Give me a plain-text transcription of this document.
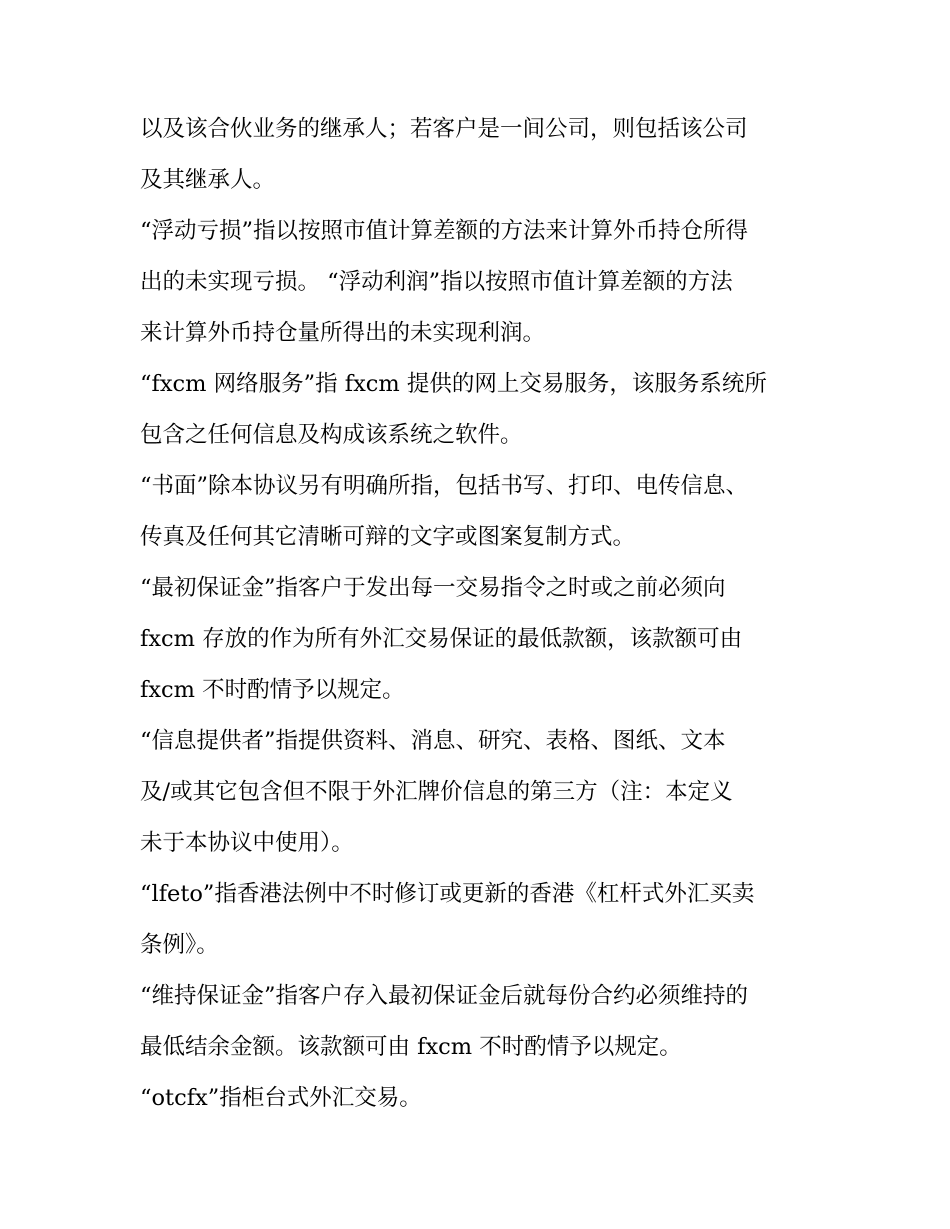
以及该合伙业务的继承人；若客户是一间公司，则包括该公司
及其继承人。
“浮动亏损”指以按照市值计算差额的方法来计算外币持仓所得
出的未实现亏损。 “浮动利润”指以按照市值计算差额的方法
来计算外币持仓量所得出的未实现利润。
“fxcm 网络服务”指 fxcm 提供的网上交易服务，该服务系统所
包含之任何信息及构成该系统之软件。
“书面”除本协议另有明确所指，包括书写、打印、电传信息、
传真及任何其它清晰可辩的文字或图案复制方式。
“最初保证金”指客户于发出每一交易指令之时或之前必须向
fxcm 存放的作为所有外汇交易保证的最低款额，该款额可由
fxcm 不时酌情予以规定。
“信息提供者”指提供资料、消息、研究、表格、图纸、文本
及/或其它包含但不限于外汇牌价信息的第三方（注：本定义
未于本协议中使用）。
“lfeto”指香港法例中不时修订或更新的香港《杠杆式外汇买卖
条例》。
“维持保证金”指客户存入最初保证金后就每份合约必须维持的
最低结余金额。该款额可由 fxcm 不时酌情予以规定。
“otcfx”指柜台式外汇交易。
